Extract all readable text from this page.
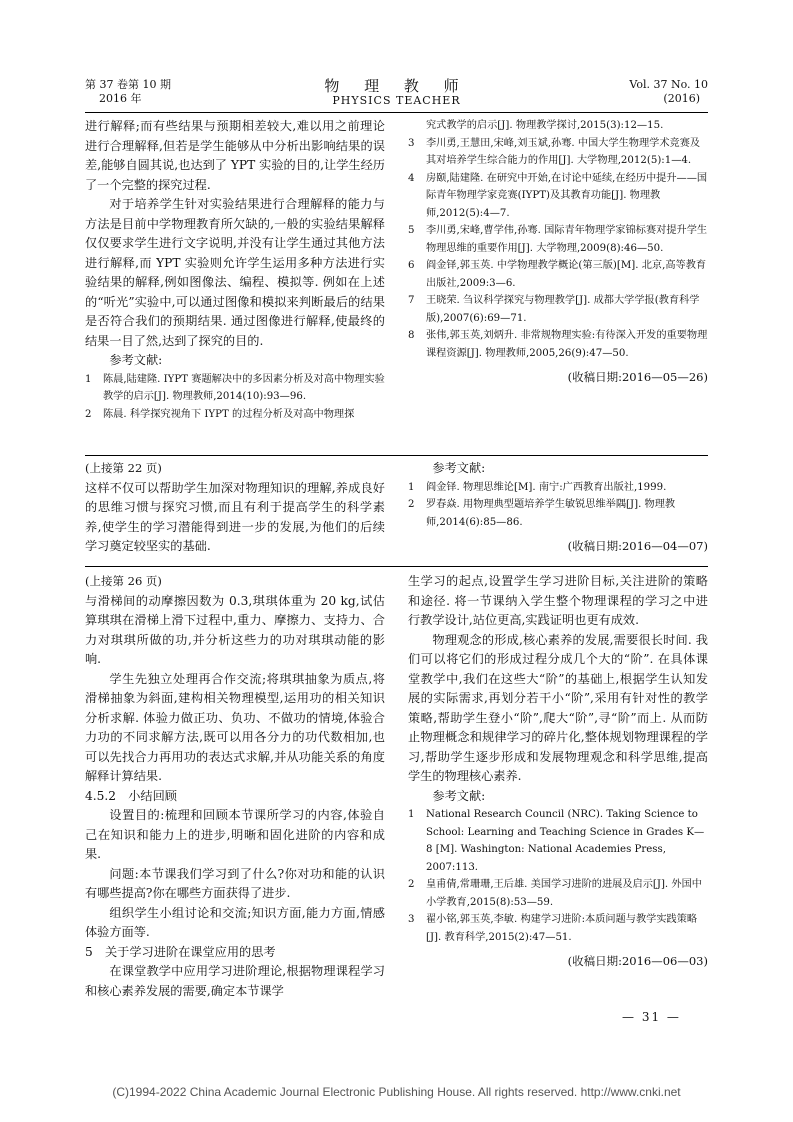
第 37 卷第 10 期
2016 年
物 理 教 师
PHYSICS TEACHER
Vol. 37 No. 10
(2016)

进行解释;而有些结果与预期相差较大,难以用之前理论进行合理解释,但若是学生能够从中分析出影响结果的误差,能够自圆其说,也达到了 YPT 实验的目的,让学生经历了一个完整的探究过程.

对于培养学生针对实验结果进行合理解释的能力与方法是目前中学物理教育所欠缺的,一般的实验结果解释仅仅要求学生进行文字说明,并没有让学生通过其他方法进行解释,而 YPT 实验则允许学生运用多种方法进行实验结果的解释,例如图像法、编程、模拟等. 例如在上述的“听光”实验中,可以通过图像和模拟来判断最后的结果是否符合我们的预期结果. 通过图像进行解释,使最终的结果一目了然,达到了探究的目的.

参考文献:

1 陈晨,陆建隆. IYPT 赛题解决中的多因素分析及对高中物理实验教学的启示[J]. 物理教师,2014(10):93—96.
2 陈晨. 科学探究视角下 IYPT 的过程分析及对高中物理探
究式教学的启示[J]. 物理教学探讨,2015(3):12—15.
3 李川勇,王慧田,宋峰,刘玉斌,孙骞. 中国大学生物理学术竞赛及其对培养学生综合能力的作用[J]. 大学物理,2012(5):1—4.
4 房颐,陆建隆. 在研究中开始,在讨论中延续,在经历中提升——国际青年物理学家竞赛(IYPT)及其教育功能[J]. 物理教师,2012(5):4—7.
5 李川勇,宋峰,曹学伟,孙骞. 国际青年物理学家锦标赛对提升学生物理思维的重要作用[J]. 大学物理,2009(8):46—50.
6 阎金铎,郭玉英. 中学物理教学概论(第三版)[M]. 北京,高等教育出版社,2009:3—6.
7 王晓荣. 刍议科学探究与物理教学[J]. 成都大学学报(教育科学版),2007(6):69—71.
8 张伟,郭玉英,刘炳升. 非常规物理实验:有待深入开发的重要物理课程资源[J]. 物理教师,2005,26(9):47—50.
(收稿日期:2016—05—26)

(上接第 22 页)

这样不仅可以帮助学生加深对物理知识的理解,养成良好的思维习惯与探究习惯,而且有利于提高学生的科学素养,使学生的学习潜能得到进一步的发展,为他们的后续学习奠定较坚实的基础.

参考文献:

1 阎金铎. 物理思维论[M]. 南宁:广西教育出版社,1999.
2 罗春焱. 用物理典型题培养学生敏锐思维举隅[J]. 物理教师,2014(6):85—86.
(收稿日期:2016—04—07)

(上接第 26 页)

与滑梯间的动摩擦因数为 0.3,琪琪体重为 20 kg,试估算琪琪在滑梯上滑下过程中,重力、摩擦力、支持力、合力对琪琪所做的功,并分析这些力的功对琪琪动能的影响.

学生先独立处理再合作交流;将琪琪抽象为质点,将滑梯抽象为斜面,建构相关物理模型,运用功的相关知识分析求解. 体验力做正功、负功、不做功的情境,体验合力功的不同求解方法,既可以用各分力的功代数相加,也可以先找合力再用功的表达式求解,并从功能关系的角度解释计算结果.

4.5.2　小结回顾

设置目的:梳理和回顾本节课所学习的内容,体验自己在知识和能力上的进步,明晰和固化进阶的内容和成果.

问题:本节课我们学习到了什么?你对功和能的认识有哪些提高?你在哪些方面获得了进步.

组织学生小组讨论和交流;知识方面,能力方面,情感体验方面等.

5　关于学习进阶在课堂应用的思考

在课堂教学中应用学习进阶理论,根据物理课程学习和核心素养发展的需要,确定本节课学

生学习的起点,设置学生学习进阶目标,关注进阶的策略和途径. 将一节课纳入学生整个物理课程的学习之中进行教学设计,站位更高,实践证明也更有成效.

物理观念的形成,核心素养的发展,需要很长时间. 我们可以将它们的形成过程分成几个大的“阶”. 在具体课堂教学中,我们在这些大“阶”的基础上,根据学生认知发展的实际需求,再划分若干小“阶”,采用有针对性的教学策略,帮助学生登小“阶”,爬大“阶”,寻“阶”而上. 从而防止物理概念和规律学习的碎片化,整体规划物理课程的学习,帮助学生逐步形成和发展物理观念和科学思维,提高学生的物理核心素养.

参考文献:

1 National Research Council (NRC). Taking Science to School: Learning and Teaching Science in Grades K—8 [M]. Washington: National Academies Press, 2007:113.
2 皇甫倩,常珊珊,王后雄. 美国学习进阶的进展及启示[J]. 外国中小学教育,2015(8):53—59.
3 翟小铭,郭玉英,李敏. 构建学习进阶:本质问题与教学实践策略[J]. 教育科学,2015(2):47—51.
(收稿日期:2016—06—03)
— 31 —
(C)1994-2022 China Academic Journal Electronic Publishing House. All rights reserved. http://www.cnki.net
